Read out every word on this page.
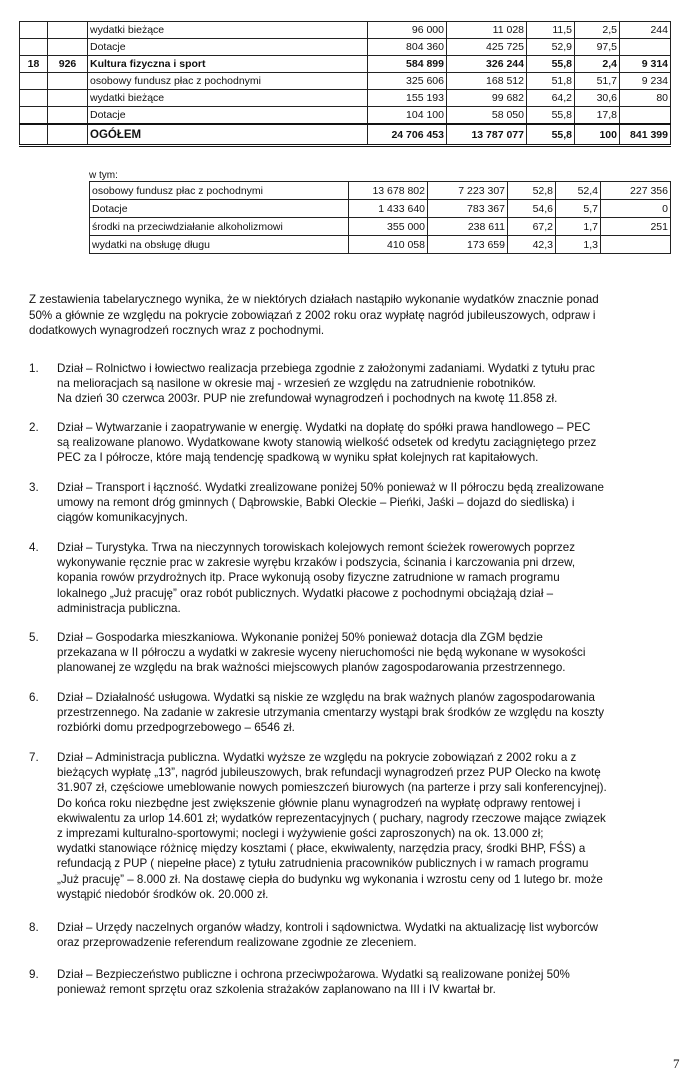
		wydatki bieżące	96 000	11 028	11,5	2,5	244
		Dotacje	804 360	425 725	52,9	97,5	
18	926	Kultura fizyczna i sport	584 899	326 244	55,8	2,4	9 314
		osobowy fundusz płac z pochodnymi	325 606	168 512	51,8	51,7	9 234
		wydatki bieżące	155 193	99 682	64,2	30,6	80
		Dotacje	104 100	58 050	55,8	17,8	
		OGÓŁEM	24 706 453	13 787 077	55,8	100	841 399
w tym:
osobowy fundusz płac z pochodnymi	13 678 802	7 223 307	52,8	52,4	227 356
Dotacje	1 433 640	783 367	54,6	5,7	0
środki na przeciwdziałanie alkoholizmowi	355 000	238 611	67,2	1,7	251
wydatki na obsługę długu	410 058	173 659	42,3	1,3	
Z zestawienia tabelarycznego wynika, że w niektórych działach nastąpiło wykonanie wydatków znacznie ponad
50% a głównie ze względu na pokrycie zobowiązań z 2002 roku oraz wypłatę nagród jubileuszowych, odpraw i
dodatkowych wynagrodzeń rocznych wraz z pochodnymi.
1.	Dział – Rolnictwo i łowiectwo realizacja przebiega zgodnie z założonymi zadaniami. Wydatki z tytułu prac
na melioracjach są nasilone w okresie maj - wrzesień ze względu na zatrudnienie robotników.
Na dzień 30 czerwca 2003r. PUP nie zrefundował wynagrodzeń i pochodnych na kwotę 11.858 zł.
2.	Dział – Wytwarzanie i zaopatrywanie w energię. Wydatki na dopłatę do spółki prawa handlowego – PEC
są realizowane planowo. Wydatkowane kwoty stanowią wielkość odsetek od kredytu zaciągniętego przez
PEC za I półrocze, które mają tendencję spadkową w wyniku spłat kolejnych rat kapitałowych.
3.	Dział – Transport i łączność. Wydatki zrealizowane poniżej 50% ponieważ w II półroczu będą zrealizowane
umowy na remont dróg gminnych ( Dąbrowskie, Babki Oleckie – Pieńki, Jaśki – dojazd do siedliska) i
ciągów komunikacyjnych.
4.	Dział – Turystyka. Trwa na nieczynnych torowiskach kolejowych remont ścieżek rowerowych poprzez
wykonywanie ręcznie prac w zakresie wyrębu krzaków i podszycia, ścinania i karczowania pni drzew,
kopania rowów przydrożnych itp. Prace wykonują osoby fizyczne zatrudnione w ramach programu
lokalnego „Już pracuję” oraz robót publicznych. Wydatki płacowe z pochodnymi obciążają dział –
administracja publiczna.
5.	Dział – Gospodarka mieszkaniowa. Wykonanie poniżej 50% ponieważ dotacja dla ZGM będzie
przekazana w II półroczu a wydatki w zakresie wyceny nieruchomości nie będą wykonane w wysokości
planowanej ze względu na brak ważności miejscowych planów zagospodarowania przestrzennego.
6.	Dział – Działalność usługowa. Wydatki są niskie ze względu na brak ważnych planów zagospodarowania
przestrzennego. Na zadanie w zakresie utrzymania cmentarzy wystąpi brak środków ze względu na koszty
rozbiórki domu przedpogrzebowego – 6546 zł.
7.	Dział – Administracja publiczna. Wydatki wyższe ze względu na pokrycie zobowiązań z 2002 roku a z
bieżących wypłatę „13”, nagród jubileuszowych, brak refundacji wynagrodzeń przez PUP Olecko na kwotę
31.907 zł, częściowe umeblowanie nowych pomieszczeń biurowych (na parterze i przy sali konferencyjnej).
Do końca roku niezbędne jest zwiększenie głównie planu wynagrodzeń na wypłatę odprawy rentowej i
ekwiwalentu za urlop 14.601 zł; wydatków reprezentacyjnych ( puchary, nagrody rzeczowe mające związek
z imprezami kulturalno-sportowymi; noclegi i wyżywienie gości zaproszonych) na ok. 13.000 zł;
wydatki stanowiące różnicę między kosztami ( płace, ekwiwalenty, narzędzia pracy, środki BHP, FŚS) a
refundacją z PUP ( niepełne płace) z tytułu zatrudnienia pracowników publicznych i w ramach programu
„Już pracuję” – 8.000 zł. Na dostawę ciepła do budynku wg wykonania i wzrostu ceny od 1 lutego br. może
wystąpić niedobór środków ok. 20.000 zł.
8.	Dział – Urzędy naczelnych organów władzy, kontroli i sądownictwa. Wydatki na aktualizację list wyborców
oraz przeprowadzenie referendum realizowane zgodnie ze zleceniem.
9.	Dział – Bezpieczeństwo publiczne i ochrona przeciwpożarowa. Wydatki są realizowane poniżej 50%
ponieważ remont sprzętu oraz szkolenia strażaków zaplanowano na III i IV kwartał br.
7
